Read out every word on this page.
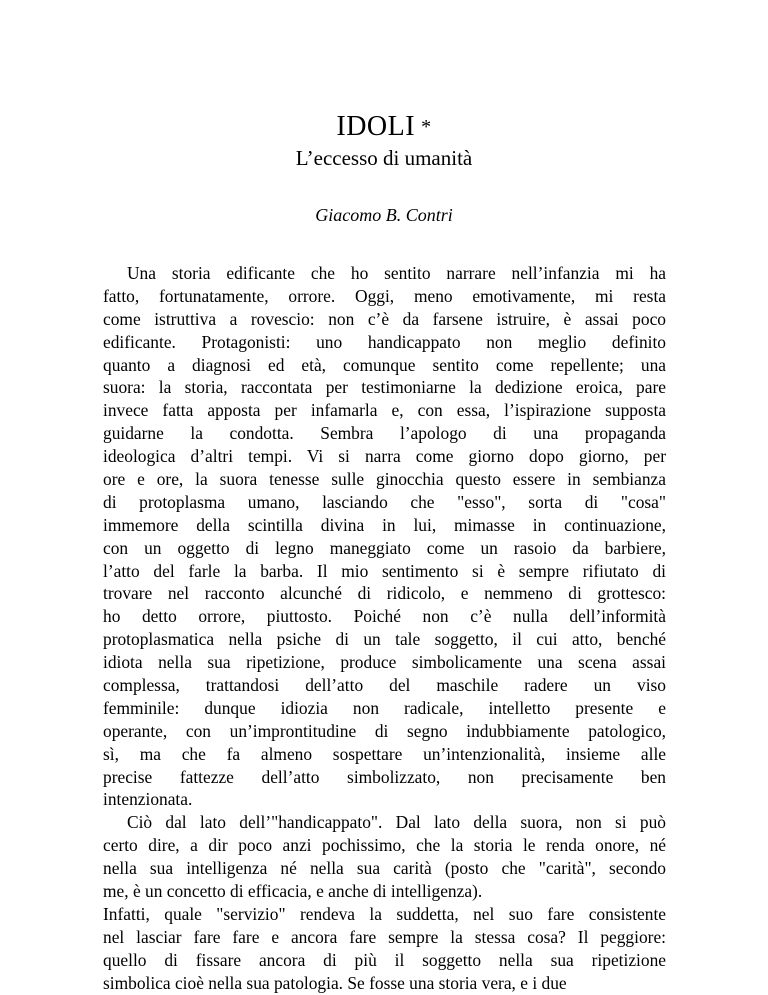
IDOLI *
L’eccesso di umanità
Giacomo B. Contri
Una storia edificante che ho sentito narrare nell’infanzia mi ha
fatto, fortunatamente, orrore. Oggi, meno emotivamente, mi resta
come istruttiva a rovescio: non c’è da farsene istruire, è assai poco
edificante. Protagonisti: uno handicappato non meglio definito
quanto a diagnosi ed età, comunque sentito come repellente; una
suora: la storia, raccontata per testimoniarne la dedizione eroica, pare
invece fatta apposta per infamarla e, con essa, l’ispirazione supposta
guidarne la condotta. Sembra l’apologo di una propaganda
ideologica d’altri tempi. Vi si narra come giorno dopo giorno, per
ore e ore, la suora tenesse sulle ginocchia questo essere in sembianza
di protoplasma umano, lasciando che "esso", sorta di "cosa"
immemore della scintilla divina in lui, mimasse in continuazione,
con un oggetto di legno maneggiato come un rasoio da barbiere,
l’atto del farle la barba. Il mio sentimento si è sempre rifiutato di
trovare nel racconto alcunché di ridicolo, e nemmeno di grottesco:
ho detto orrore, piuttosto. Poiché non c’è nulla dell’informità
protoplasmatica nella psiche di un tale soggetto, il cui atto, benché
idiota nella sua ripetizione, produce simbolicamente una scena assai
complessa, trattandosi dell’atto del maschile radere un viso
femminile: dunque idiozia non radicale, intelletto presente e
operante, con un’improntitudine di segno indubbiamente patologico,
sì, ma che fa almeno sospettare un’intenzionalità, insieme alle
precise fattezze dell’atto simbolizzato, non precisamente ben
intenzionata.
Ciò dal lato dell’"handicappato". Dal lato della suora, non si può
certo dire, a dir poco anzi pochissimo, che la storia le renda onore, né
nella sua intelligenza né nella sua carità (posto che "carità", secondo
me, è un concetto di efficacia, e anche di intelligenza).
Infatti, quale "servizio" rendeva la suddetta, nel suo fare consistente
nel lasciar fare fare e ancora fare sempre la stessa cosa? Il peggiore:
quello di fissare ancora di più il soggetto nella sua ripetizione
simbolica cioè nella sua patologia. Se fosse una storia vera, e i due
